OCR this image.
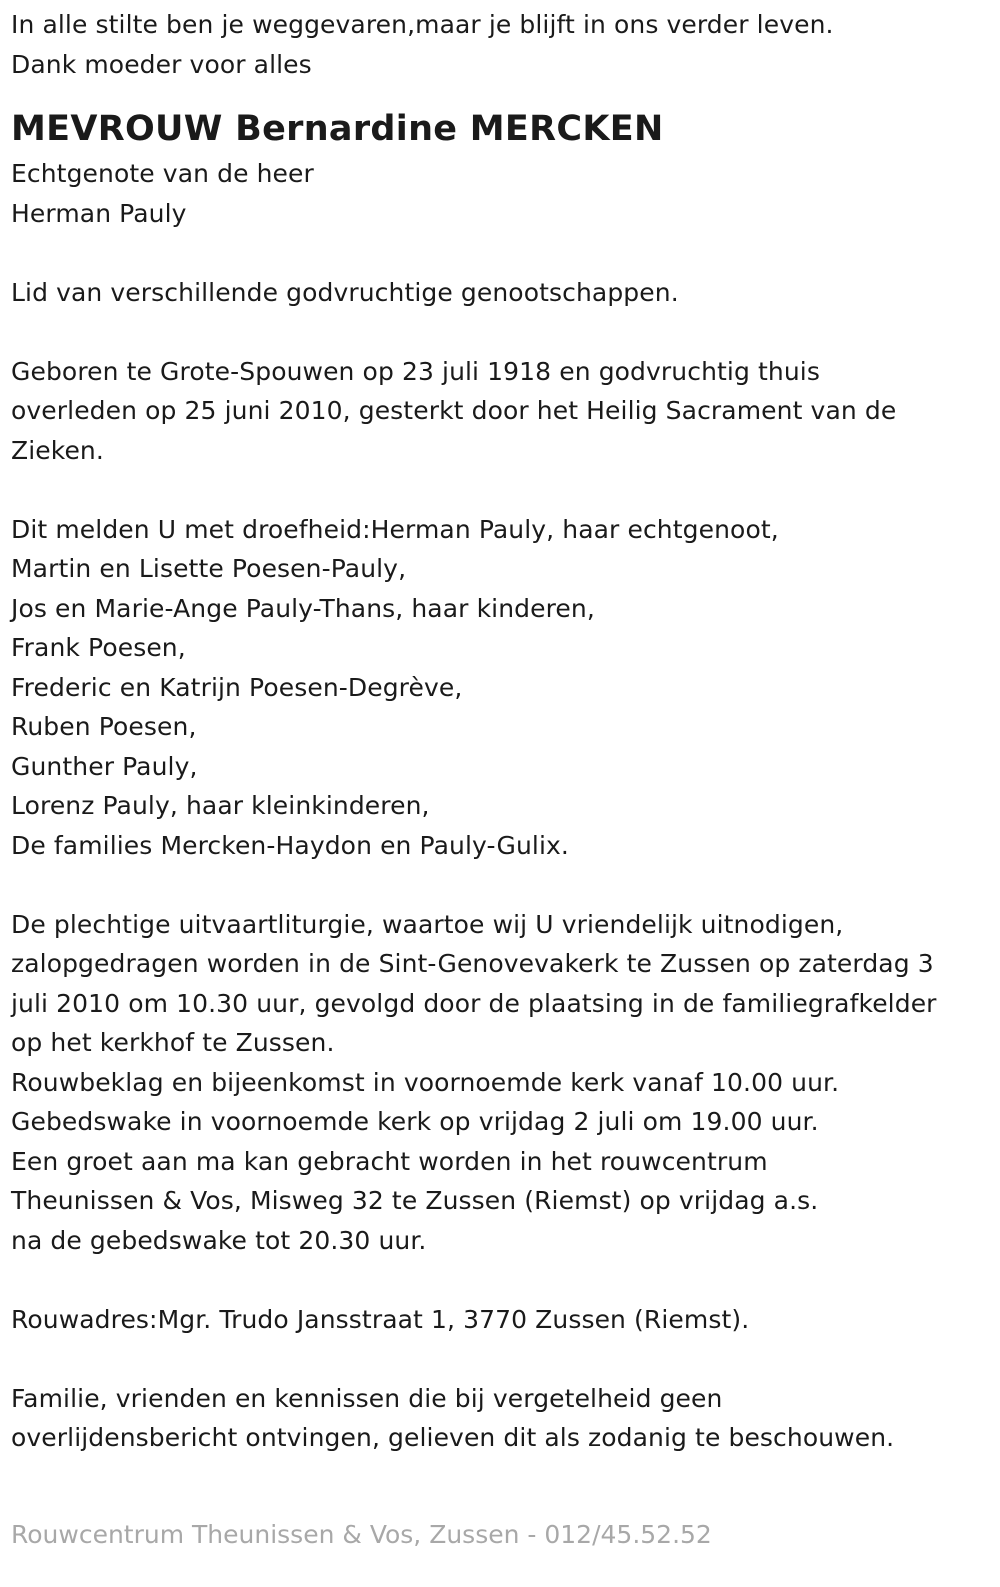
In alle stilte ben je weggevaren,maar je blijft in ons verder leven.
Dank moeder voor alles
MEVROUW Bernardine MERCKEN
Echtgenote van de heer
Herman Pauly
Lid van verschillende godvruchtige genootschappen.
Geboren te Grote-Spouwen op 23 juli 1918 en godvruchtig thuis
overleden op 25 juni 2010, gesterkt door het Heilig Sacrament van de
Zieken.
Dit melden U met droefheid:Herman Pauly, haar echtgenoot,
Martin en Lisette Poesen-Pauly,
Jos en Marie-Ange Pauly-Thans, haar kinderen,
Frank Poesen,
Frederic en Katrijn Poesen-Degrève,
Ruben Poesen,
Gunther Pauly,
Lorenz Pauly, haar kleinkinderen,
De families Mercken-Haydon en Pauly-Gulix.
De plechtige uitvaartliturgie, waartoe wij U vriendelijk uitnodigen,
zalopgedragen worden in de Sint-Genovevakerk te Zussen op zaterdag 3
juli 2010 om 10.30 uur, gevolgd door de plaatsing in de familiegrafkelder
op het kerkhof te Zussen.
Rouwbeklag en bijeenkomst in voornoemde kerk vanaf 10.00 uur.
Gebedswake in voornoemde kerk op vrijdag 2 juli om 19.00 uur.
Een groet aan ma kan gebracht worden in het rouwcentrum
Theunissen & Vos, Misweg 32 te Zussen (Riemst) op vrijdag a.s.
na de gebedswake tot 20.30 uur.
Rouwadres:Mgr. Trudo Jansstraat 1, 3770 Zussen (Riemst).
Familie, vrienden en kennissen die bij vergetelheid geen
overlijdensbericht ontvingen, gelieven dit als zodanig te beschouwen.
Rouwcentrum Theunissen & Vos, Zussen - 012/45.52.52
